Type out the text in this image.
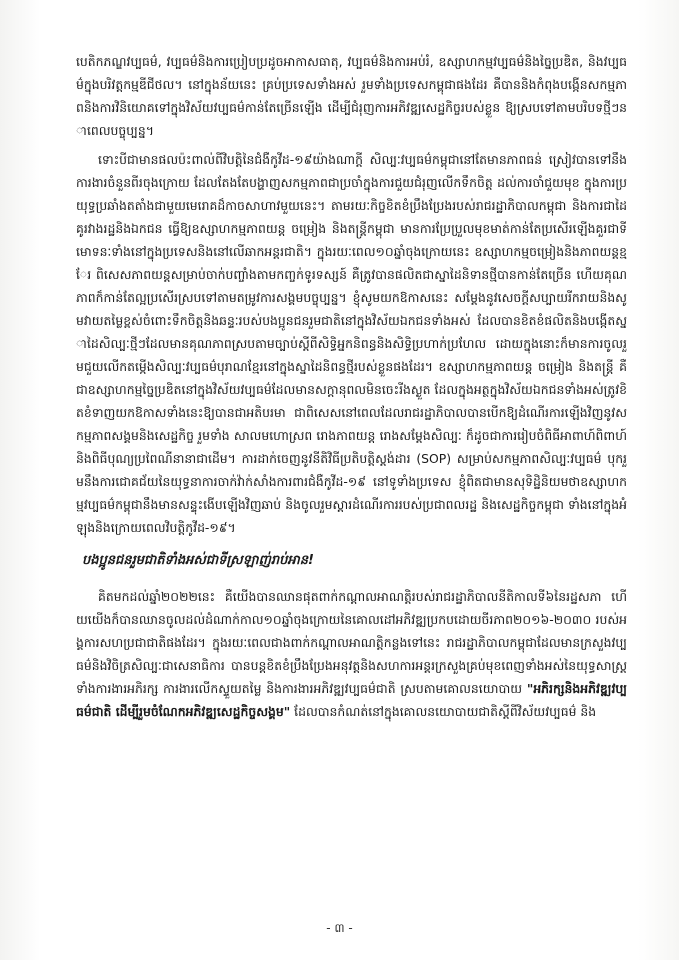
បេតិកភណ្ឌវប្បធម៌, វប្បធម៌និងការប្រៀបប្រដូចអាកាសធាតុ, វប្បធម៌និងការអប់រំ, ឧស្សាហកម្មវប្បធម៌និងច្នៃប្រឌិត, និងវប្បធម៌ក្នុងបរិវត្តកម្មឌីជីថល។ នៅក្នុងន័យនេះ គ្រប់ប្រទេសទាំងអស់ រួមទាំងប្រទេសកម្ពុជាផងដែរ គឺបាននិងកំពុងបង្កើនសកម្មភាពនិងការវិនិយោគទៅក្នុងវិស័យវប្បធម៌កាន់តែច្រើនឡើង ដើម្បីជំរុញការអភិវឌ្ឍសេដ្ឋកិច្ចរបស់ខ្លួន ឱ្យស្របទៅតាមបរិបទថ្មីៗនាពេលបច្ចុប្បន្ន។

ទោះបីជាមានផលប៉ះពាល់ពីវិបត្តិនៃជំងឺកូវីដ-១៩យ៉ាងណាក្តី សិល្បៈវប្បធម៌កម្ពុជានៅតែមានភាពធន់ ស្រៀវបានទៅនឹងការងារចំនួនពីរចុងក្រោយ ដែលតែងតែបង្ហាញសកម្មភាពជាប្រចាំក្នុងការជួយជំរុញលើកទឹកចិត្ត ដល់ការចាំជួយមុខ ក្នុងការប្រយុទ្ធប្រឆាំងតតាំងជាមួយមេរោគដ៏កាចសាហាវមួយនេះ។ តាមរយៈកិច្ចខិតខំប្រឹងប្រែងរបស់រាជរដ្ឋាភិបាលកម្ពុជា និងការជាដៃគូរវាងរដ្ឋនិងឯកជន ធ្វើឱ្យឧស្សាហកម្មភាពយន្ត ចម្រៀង និងតន្ត្រីកម្ពុជា មានការប្រែប្រួលមុខមាត់កាន់តែប្រសើរឡើងគួរជាទីមោទនៈទាំងនៅក្នុងប្រទេសនិងនៅលើឆាកអន្តរជាតិ។ ក្នុងរយៈពេល១០ឆ្នាំចុងក្រោយនេះ ឧស្សាហកម្មចម្រៀងនិងភាពយន្តខ្មែរ ពិសេសភាពយន្តសម្រាប់ចាក់បញ្ចាំងតាមកញ្ចក់ទូរទស្សន៍ គឺត្រូវបានផលិតជាស្នាដៃនិទានថ្មីបានកាន់តែច្រើន ហើយគុណភាពក៏កាន់តែល្អប្រសើរស្របទៅតាមតម្រូវការសង្គមបច្ចុប្បន្ន។ ខ្ញុំសូមយកឱកាសនេះ សម្តែងនូវសេចក្តីសប្បាយរីករាយនិងសូមវាយតម្លៃខ្ពស់ចំពោះទឹកចិត្តនិងឆន្ទៈរបស់បងប្អូនជនរួមជាតិនៅក្នុងវិស័យឯកជនទាំងអស់ ដែលបានខិតខំផលិតនិងបង្កើតស្នាដៃសិល្បៈថ្មីៗដែលមានគុណភាពស្របតាមច្បាប់ស្តីពីសិទ្ធិអ្នកនិពន្ធនិងសិទ្ធិប្រហាក់ប្រហែល ដោយក្នុងនោះក៏មានការចូលរួមជួយលើកតម្កើងសិល្បៈវប្បធម៌បុរាណខ្មែរនៅក្នុងស្នាដៃនិពន្ធថ្មីរបស់ខ្លួនផងដែរ។ ឧស្សាហកម្មភាពយន្ត ចម្រៀង និងតន្ត្រី គឺជាឧស្សាហកម្មច្នៃប្រឌិតនៅក្នុងវិស័យវប្បធម៌ដែលមានសក្តានុពលមិនចេះរីងស្ងួត ដែលក្នុងអត្ថក្នុងវិស័យឯកជនទាំងអស់ត្រូវខិតខំទាញយកឱកាសទាំងនេះឱ្យបានជាអតិបរមា ជាពិសេសនៅពេលដែលរាជរដ្ឋាភិបាលបានបើកឱ្យដំណើរការឡើងវិញនូវសកម្មភាពសង្គមនិងសេដ្ឋកិច្ច រួមទាំង សាលមហោស្រព រោងភាពយន្ត រោងសម្តែងសិល្បៈ ក៏ដូចជាការរៀបចំពិធីអាពាហ៍ពិពាហ៍និងពិធីបុណ្យប្រពៃណីនានាជាដើម។ ការដាក់ចេញនូវនីតិវិធីប្រតិបត្តិស្តង់ដារ (SOP) សម្រាប់សកម្មភាពសិល្បៈវប្បធម៌ បុករួមនឹងការជោគជ័យនៃយុទ្ធនាការចាក់វ៉ាក់សាំងការពារជំងឺកូវីដ-១៩ នៅទូទាំងប្រទេស ខ្ញុំពិតជាមានសុទិដ្ឋិនិយមថាឧស្សាហកម្មវប្បធម៌កម្ពុជានឹងមានសន្ទុះងើបឡើងវិញឆាប់ និងចូលរួមស្តារដំណើរការរបស់ប្រជាពលរដ្ឋ និងសេដ្ឋកិច្ចកម្ពុជា ទាំងនៅក្នុងអំឡុងនិងក្រោយពេលវិបត្តិកូវីដ-១៩។

បងប្អូនជនរួមជាតិទាំងអស់ជាទីស្រឡាញ់រាប់អាន!

គិតមកដល់ឆ្នាំ២០២២នេះ គឺយើងបានឈានផុតពាក់កណ្តាលអាណត្តិរបស់រាជរដ្ឋាភិបាលនីតិកាលទី៦នៃរដ្ឋសភា ហើយយើងក៏បានឈានចូលដល់ដំណាក់កាល១០ឆ្នាំចុងក្រោយនៃគោលដៅអភិវឌ្ឍប្រកបដោយចីរភាព២០១៦-២០៣០ របស់អង្គការសហប្រជាជាតិផងដែរ។ ក្នុងរយៈពេលជាងពាក់កណ្តាលអាណត្តិកន្លងទៅនេះ រាជរដ្ឋាភិបាលកម្ពុជាដែលមានក្រសួងវប្បធម៌និងវិចិត្រសិល្បៈជាសេនាធិការ បានបន្តខិតខំប្រឹងប្រែងអនុវត្តនិងសហការអន្តរក្រសួងគ្រប់មុខពេញទាំងអស់នៃយុទ្ធសាស្ត្រ ទាំងការងារអភិរក្ស ការងារលើកស្ទួយតម្លៃ និងការងារអភិវឌ្ឍវប្បធម៌ជាតិ ស្របតាមគោលនយោបាយ "អភិរក្សនិងអភិវឌ្ឍវប្បធម៌ជាតិ ដើម្បីរួមចំណែកអភិវឌ្ឍសេដ្ឋកិច្ចសង្គម" ដែលបានកំណត់នៅក្នុងគោលនយោបាយជាតិស្តីពីវិស័យវប្បធម៌ និង

- ៣ -
